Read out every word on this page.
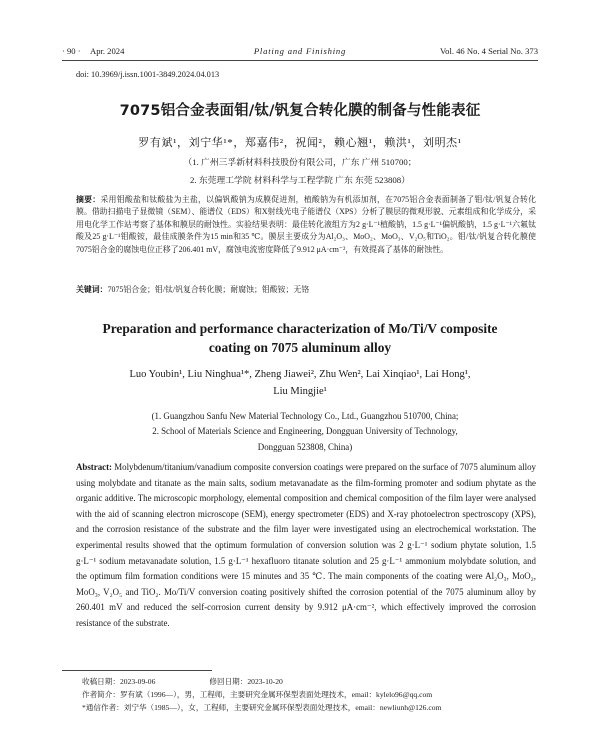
· 90 · Apr. 2024	Plating and Finishing	Vol. 46 No. 4 Serial No. 373
doi: 10.3969/j.issn.1001-3849.2024.04.013
7075铝合金表面钼/钛/钒复合转化膜的制备与性能表征
罗有斌¹，刘宁华¹*，郑嘉伟²，祝闻²，赖心翘¹，赖洪¹，刘明杰¹
（1. 广州三孚新材料科技股份有限公司，广东 广州 510700；
2. 东莞理工学院 材料科学与工程学院 广东 东莞 523808）
摘要：采用钼酸盐和钛酸盐为主盐，以偏钒酸钠为成膜促进剂，植酸钠为有机添加剂，在7075铝合金表面制备了钼/钛/钒复合转化膜。借助扫描电子显微镜（SEM）、能谱仪（EDS）和X射线光电子能谱仪（XPS）分析了膜层的微观形貌、元素组成和化学成分，采用电化学工作站考察了基体和膜层的耐蚀性。实验结果表明：最佳转化液组方为2 g·L⁻¹植酸钠，1.5 g·L⁻¹偏钒酸钠，1.5 g·L⁻¹六氟钛酸及25 g·L⁻¹钼酸铵，最佳成膜条件为15 min和35 ℃。膜层主要成分为Al₂O₃、MoO₂、MoO₃、V₂O₅和TiO₂。钼/钛/钒复合转化膜使7075铝合金的腐蚀电位正移了206.401 mV，腐蚀电流密度降低了9.912 μA·cm⁻²，有效提高了基体的耐蚀性。
关键词：7075铝合金；钼/钛/钒复合转化膜；耐腐蚀；钼酸铵；无铬
Preparation and performance characterization of Mo/Ti/V composite
coating on 7075 aluminum alloy
Luo Youbin¹, Liu Ninghua¹*, Zheng Jiawei², Zhu Wen², Lai Xinqiao¹, Lai Hong¹,
Liu Mingjie¹
(1. Guangzhou Sanfu New Material Technology Co., Ltd., Guangzhou 510700, China;
2. School of Materials Science and Engineering, Dongguan University of Technology,
Dongguan 523808, China)
Abstract: Molybdenum/titanium/vanadium composite conversion coatings were prepared on the surface of 7075 aluminum alloy using molybdate and titanate as the main salts, sodium metavanadate as the film-forming promoter and sodium phytate as the organic additive. The microscopic morphology, elemental composition and chemical composition of the film layer were analysed with the aid of scanning electron microscope (SEM), energy spectrometer (EDS) and X-ray photoelectron spectroscopy (XPS), and the corrosion resistance of the substrate and the film layer were investigated using an electrochemical workstation. The experimental results showed that the optimum formulation of conversion solution was 2 g·L⁻¹ sodium phytate solution, 1.5 g·L⁻¹ sodium metavanadate solution, 1.5 g·L⁻¹ hexafluoro titanate solution and 25 g·L⁻¹ ammonium molybdate solution, and the optimum film formation conditions were 15 minutes and 35 ℃. The main components of the coating were Al₂O₃, MoO₂, MoO₃, V₂O₅ and TiO₂. Mo/Ti/V conversion coating positively shifted the corrosion potential of the 7075 aluminum alloy by 260.401 mV and reduced the self-corrosion current density by 9.912 μA·cm⁻², which effectively improved the corrosion resistance of the substrate.
收稿日期：2023-09-06	修回日期：2023-10-20
作者简介：罗有斌（1996—），男，工程师，主要研究金属环保型表面处理技术，email：kylelo96@qq.com
*通信作者：刘宁华（1985—），女，工程师，主要研究金属环保型表面处理技术，email：newliunh@126.com
